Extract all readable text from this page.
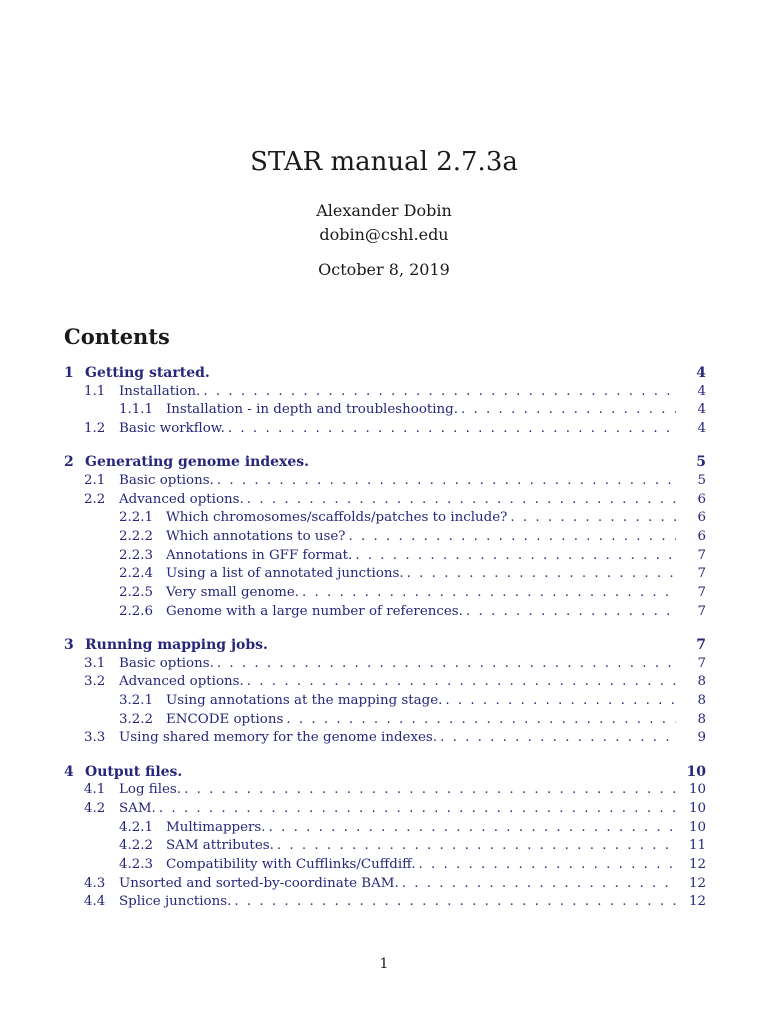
STAR manual 2.7.3a
Alexander Dobin
dobin@cshl.edu
October 8, 2019
Contents
1 Getting started.	4
1.1	Installation. . . .	4
1.1.1 Installation - in depth and troubleshooting. . . .	4
1.2	Basic workflow. . . .	4
2 Generating genome indexes.	5
2.1	Basic options. . . .	5
2.2	Advanced options. . . .	6
2.2.1 Which chromosomes/scaffolds/patches to include? . . .	6
2.2.2 Which annotations to use? . . .	6
2.2.3 Annotations in GFF format. . . .	7
2.2.4 Using a list of annotated junctions. . . .	7
2.2.5 Very small genome. . . .	7
2.2.6 Genome with a large number of references. . . .	7
3 Running mapping jobs.	7
3.1	Basic options. . . .	7
3.2	Advanced options. . . .	8
3.2.1 Using annotations at the mapping stage. . . .	8
3.2.2 ENCODE options . . .	8
3.3	Using shared memory for the genome indexes. . . .	9
4 Output files.	10
4.1	Log files. . . .	10
4.2	SAM. . . .	10
4.2.1 Multimappers. . . .	10
4.2.2 SAM attributes. . . .	11
4.2.3 Compatibility with Cufflinks/Cuffdiff. . . .	12
4.3	Unsorted and sorted-by-coordinate BAM. . . .	12
4.4	Splice junctions. . . .	12
1
